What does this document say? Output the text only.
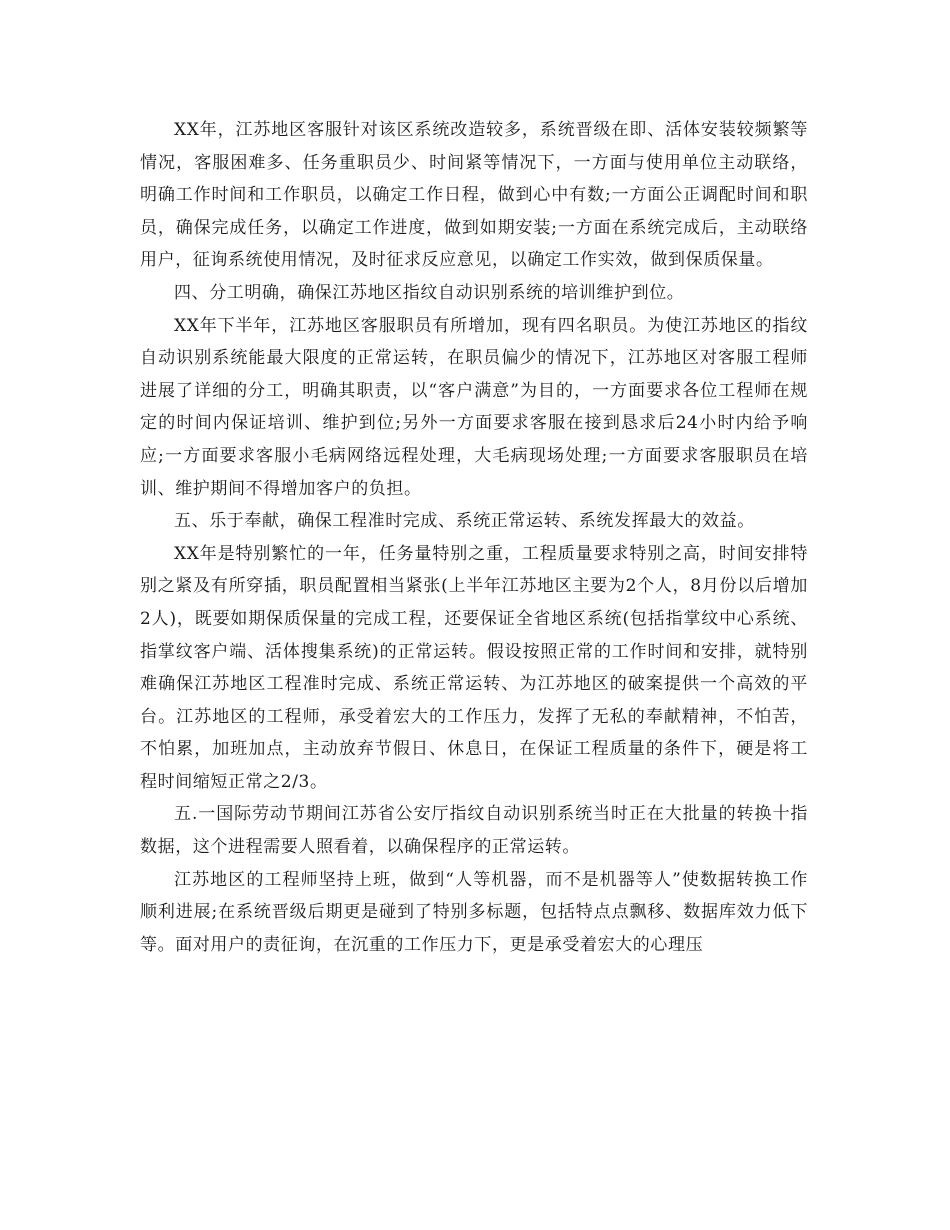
XX年，江苏地区客服针对该区系统改造较多，系统晋级在即、活体安装较频繁等情况，客服困难多、任务重职员少、时间紧等情况下，一方面与使用单位主动联络，明确工作时间和工作职员，以确定工作日程，做到心中有数;一方面公正调配时间和职员，确保完成任务，以确定工作进度，做到如期安装;一方面在系统完成后，主动联络用户，征询系统使用情况，及时征求反应意见，以确定工作实效，做到保质保量。

四、分工明确，确保江苏地区指纹自动识别系统的培训维护到位。

XX年下半年，江苏地区客服职员有所增加，现有四名职员。为使江苏地区的指纹自动识别系统能最大限度的正常运转，在职员偏少的情况下，江苏地区对客服工程师进展了详细的分工，明确其职责，以“客户满意”为目的，一方面要求各位工程师在规定的时间内保证培训、维护到位;另外一方面要求客服在接到恳求后24小时内给予响应;一方面要求客服小毛病网络远程处理，大毛病现场处理;一方面要求客服职员在培训、维护期间不得增加客户的负担。

五、乐于奉献，确保工程准时完成、系统正常运转、系统发挥最大的效益。

XX年是特别繁忙的一年，任务量特别之重，工程质量要求特别之高，时间安排特别之紧及有所穿插，职员配置相当紧张(上半年江苏地区主要为2个人，8月份以后增加2人)，既要如期保质保量的完成工程，还要保证全省地区系统(包括指掌纹中心系统、指掌纹客户端、活体搜集系统)的正常运转。假设按照正常的工作时间和安排，就特别难确保江苏地区工程准时完成、系统正常运转、为江苏地区的破案提供一个高效的平台。江苏地区的工程师，承受着宏大的工作压力，发挥了无私的奉献精神，不怕苦，不怕累，加班加点，主动放弃节假日、休息日，在保证工程质量的条件下，硬是将工程时间缩短正常之2/3。

五.一国际劳动节期间江苏省公安厅指纹自动识别系统当时正在大批量的转换十指数据，这个进程需要人照看着，以确保程序的正常运转。

江苏地区的工程师坚持上班，做到“人等机器，而不是机器等人”使数据转换工作顺利进展;在系统晋级后期更是碰到了特别多标题，包括特点点飘移、数据库效力低下等。面对用户的责征询，在沉重的工作压力下，更是承受着宏大的心理压
